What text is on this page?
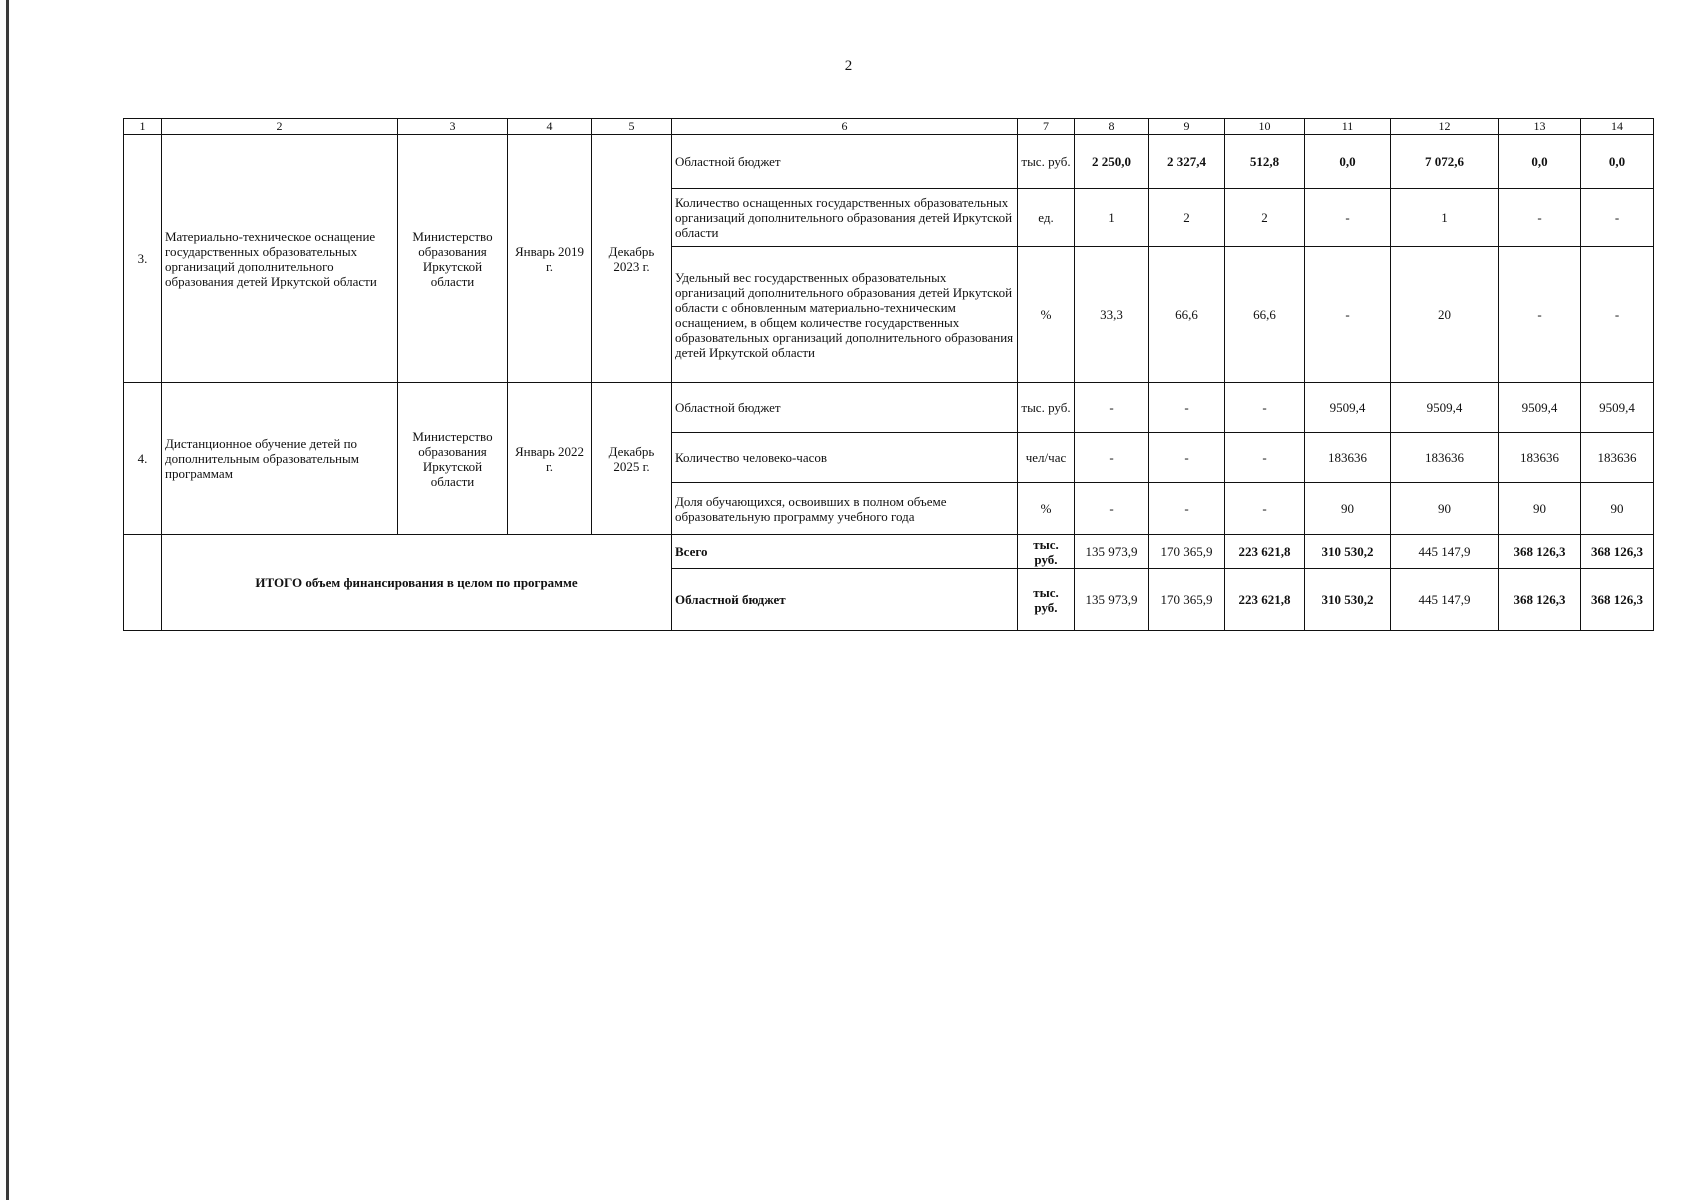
2
1	2	3	4	5	6	7	8	9	10	11	12	13	14
3.	Материально-техническое оснащение государственных образовательных организаций дополнительного образования детей Иркутской области	Министерство образования Иркутской области	Январь 2019 г.	Декабрь 2023 г.	Областной бюджет	тыс. руб.	2 250,0	2 327,4	512,8	0,0	7 072,6	0,0	0,0
					Количество оснащенных государственных образовательных организаций дополнительного образования детей Иркутской области	ед.	1	2	2	-	1	-	-
					Удельный вес государственных образовательных организаций дополнительного образования детей Иркутской области с обновленным материально-техническим оснащением, в общем количестве государственных образовательных организаций дополнительного образования детей Иркутской области	%	33,3	66,6	66,6	-	20	-	-
4.	Дистанционное обучение детей по дополнительным образовательным программам	Министерство образования Иркутской области	Январь 2022 г.	Декабрь 2025 г.	Областной бюджет	тыс. руб.	-	-	-	9509,4	9509,4	9509,4	9509,4
					Количество человеко-часов	чел/час	-	-	-	183636	183636	183636	183636
					Доля обучающихся, освоивших в полном объеме образовательную программу учебного года	%	-	-	-	90	90	90	90
	ИТОГО объем финансирования в целом по программе				Всего	тыс. руб.	135 973,9	170 365,9	223 621,8	310 530,2	445 147,9	368 126,3	368 126,3
					Областной бюджет	тыс. руб.	135 973,9	170 365,9	223 621,8	310 530,2	445 147,9	368 126,3	368 126,3
